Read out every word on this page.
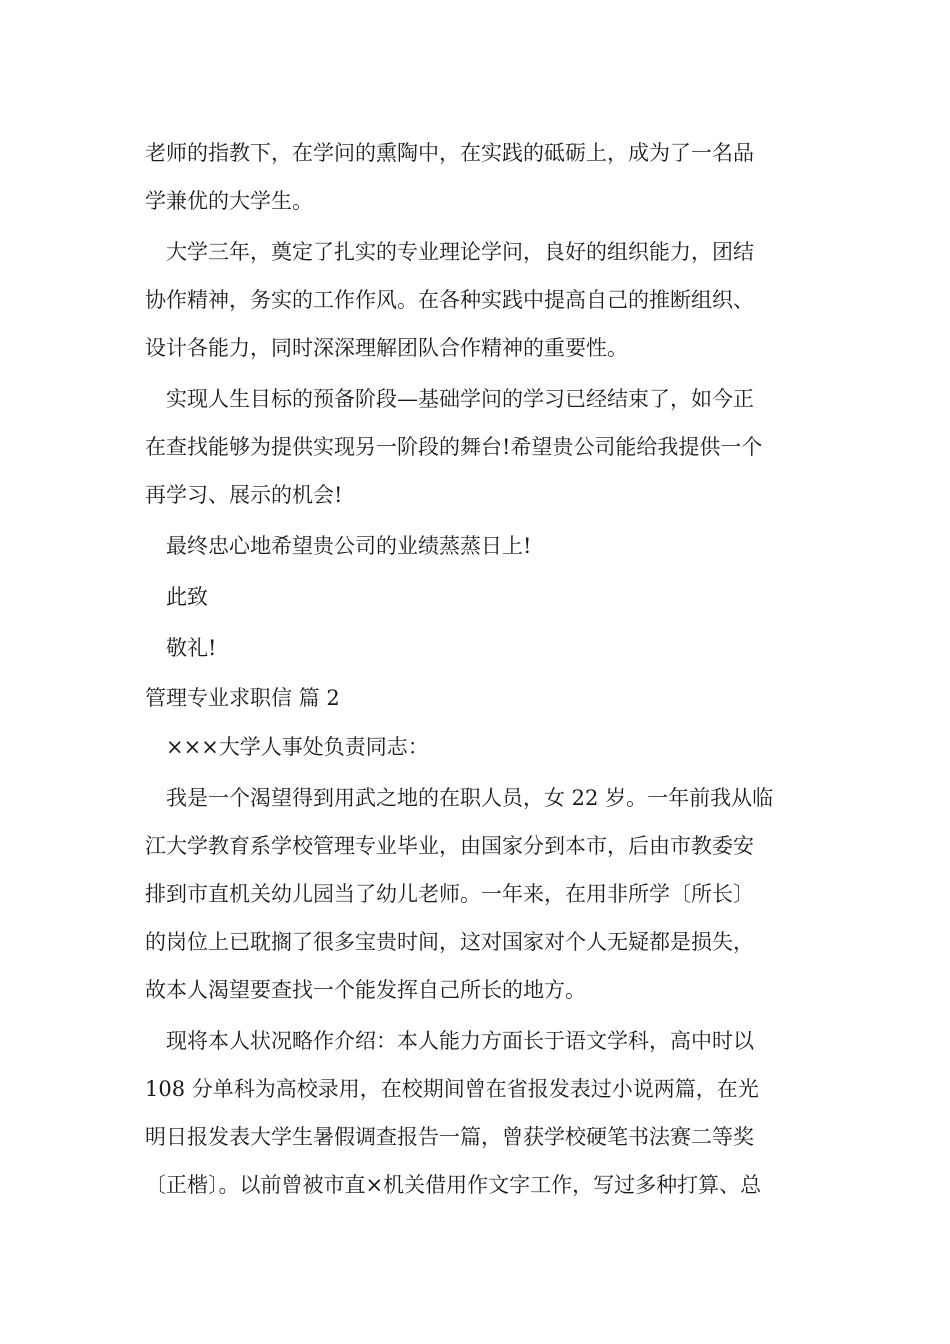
老师的指教下，在学问的熏陶中，在实践的砥砺上，成为了一名品
学兼优的大学生。
大学三年，奠定了扎实的专业理论学问，良好的组织能力，团结
协作精神，务实的工作作风。在各种实践中提高自己的推断组织、
设计各能力，同时深深理解团队合作精神的重要性。
实现人生目标的预备阶段—基础学问的学习已经结束了，如今正
在查找能够为提供实现另一阶段的舞台!希望贵公司能给我提供一个
再学习、展示的机会!
最终忠心地希望贵公司的业绩蒸蒸日上!
此致
敬礼!
管理专业求职信 篇 2
×××大学人事处负责同志：
我是一个渴望得到用武之地的在职人员，女 22 岁。一年前我从临
江大学教育系学校管理专业毕业，由国家分到本市，后由市教委安
排到市直机关幼儿园当了幼儿老师。一年来，在用非所学〔所长〕
的岗位上已耽搁了很多宝贵时间，这对国家对个人无疑都是损失，
故本人渴望要查找一个能发挥自己所长的地方。
现将本人状况略作介绍：本人能力方面长于语文学科，高中时以
108 分单科为高校录用，在校期间曾在省报发表过小说两篇，在光
明日报发表大学生暑假调查报告一篇，曾获学校硬笔书法赛二等奖
〔正楷〕。以前曾被市直×机关借用作文字工作，写过多种打算、总
